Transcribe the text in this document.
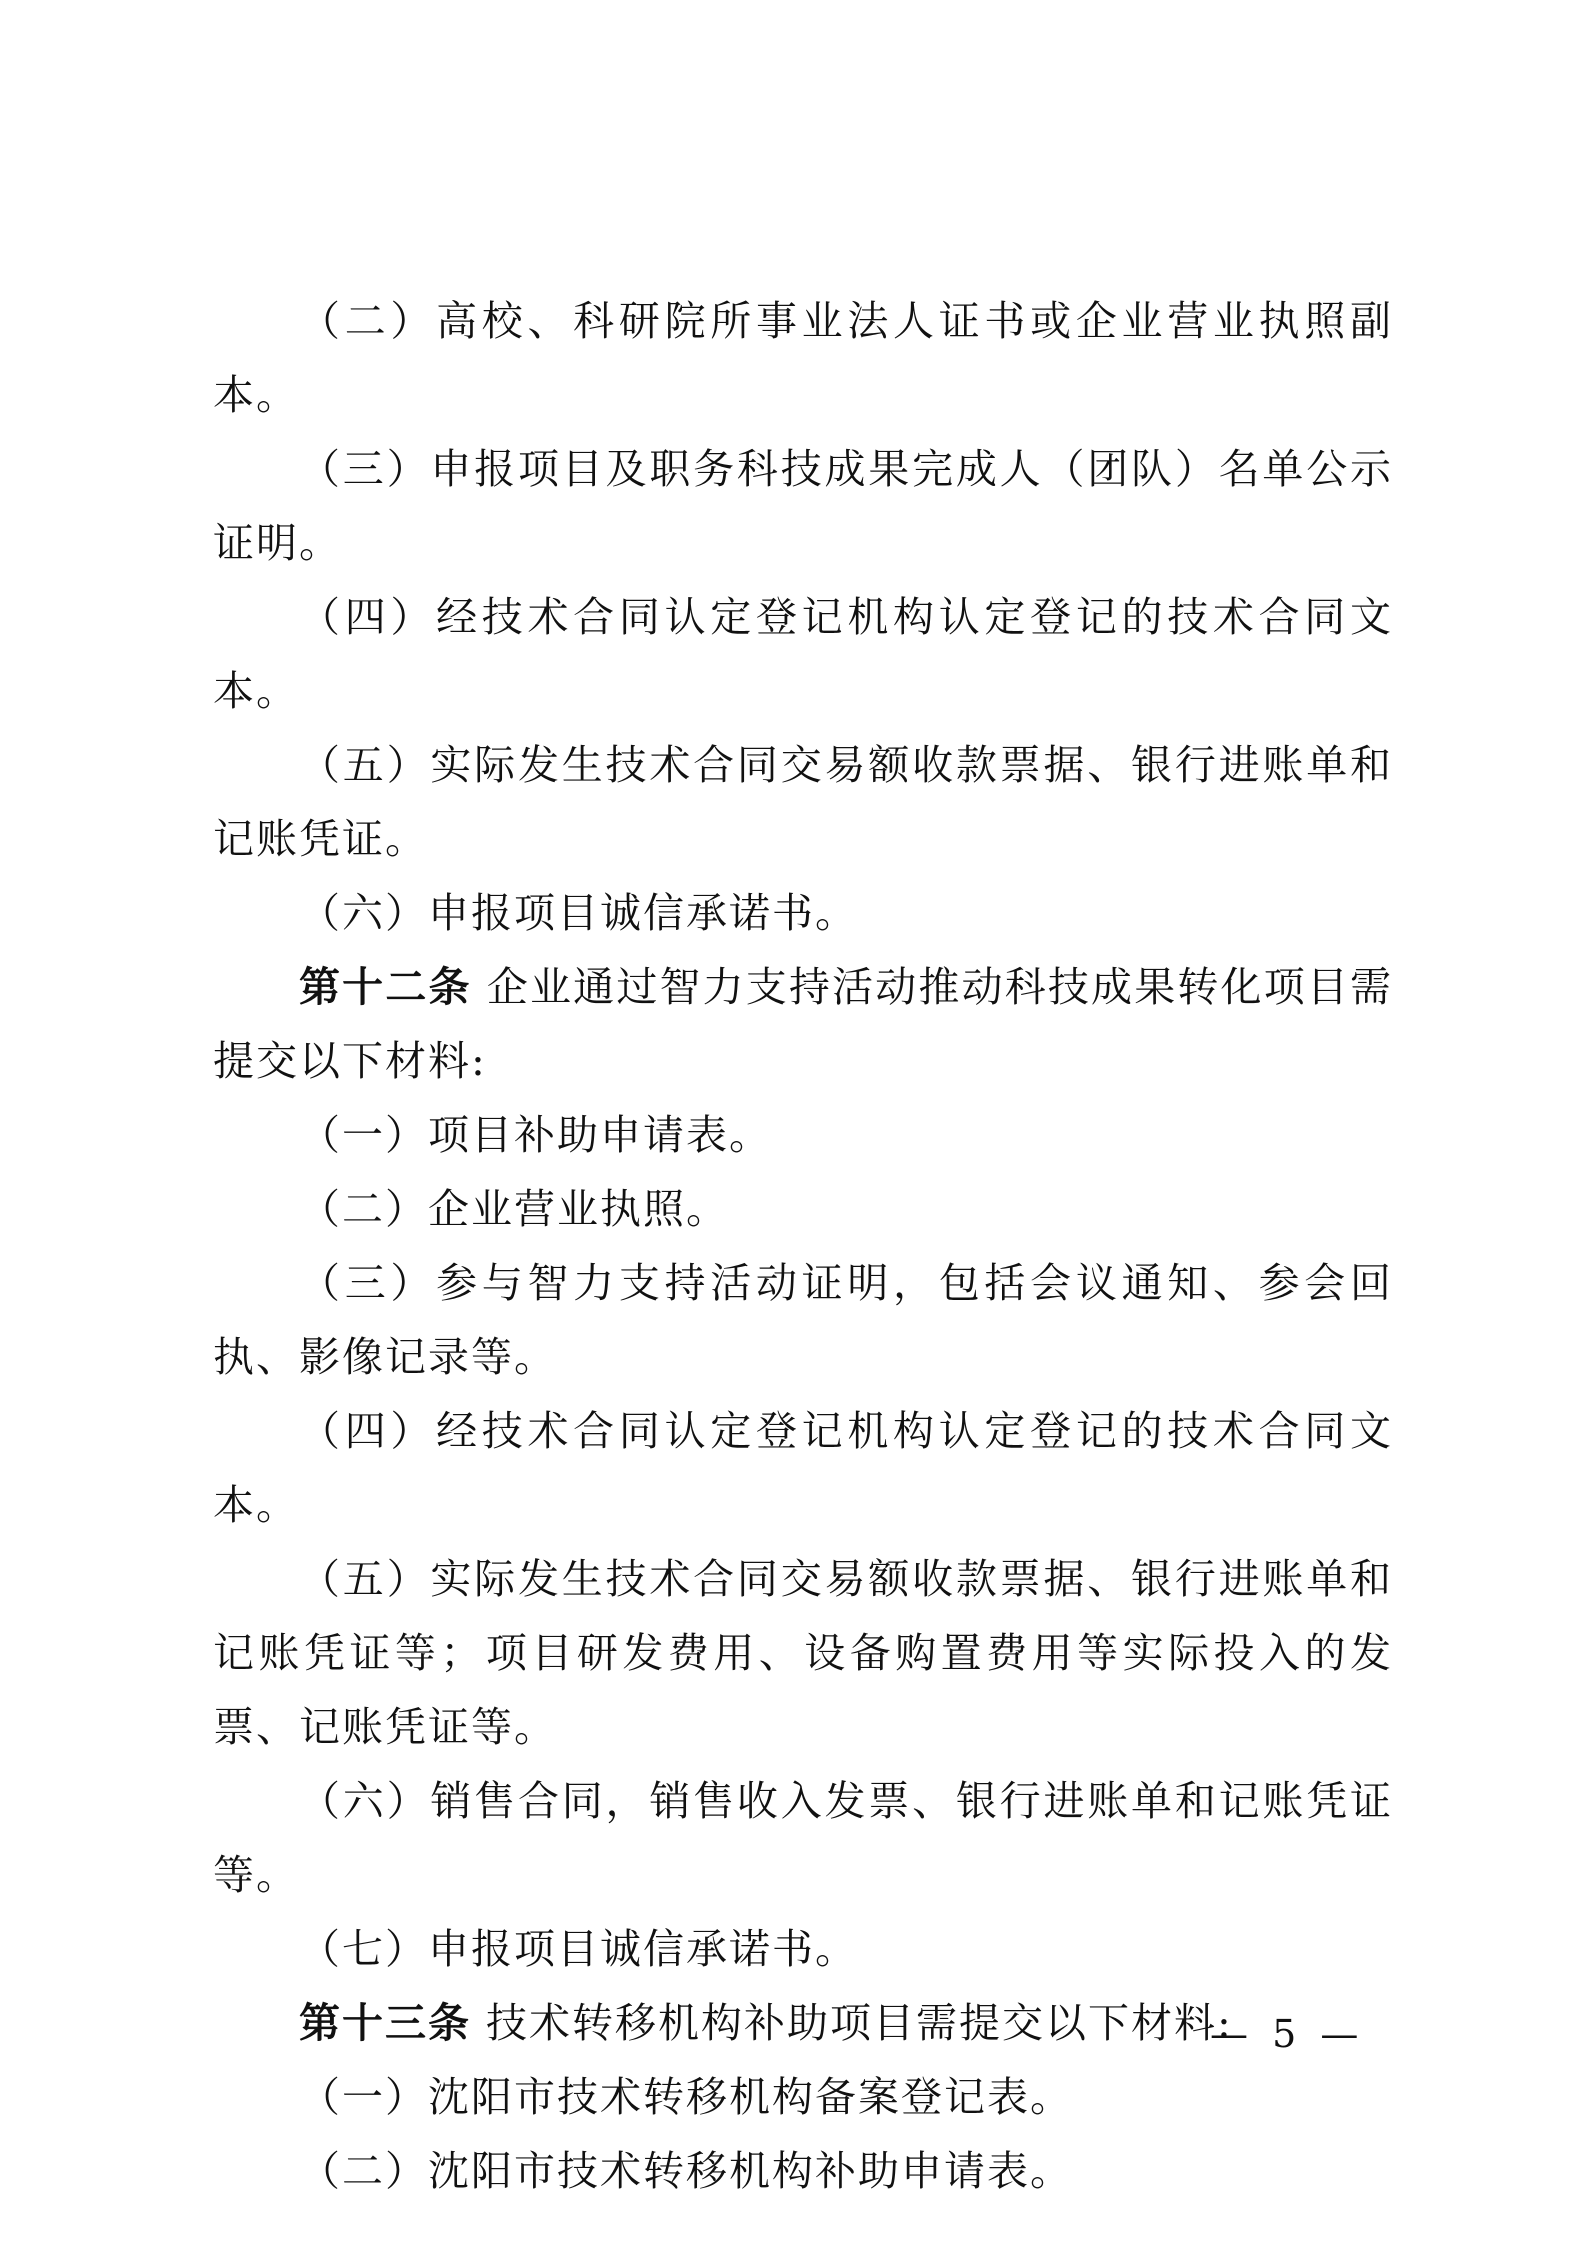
（二）高校、科研院所事业法人证书或企业营业执照副本。

（三）申报项目及职务科技成果完成人（团队）名单公示证明。

（四）经技术合同认定登记机构认定登记的技术合同文本。

（五）实际发生技术合同交易额收款票据、银行进账单和记账凭证。

（六）申报项目诚信承诺书。

第十二条 企业通过智力支持活动推动科技成果转化项目需提交以下材料:

（一）项目补助申请表。

（二）企业营业执照。

（三）参与智力支持活动证明，包括会议通知、参会回执、影像记录等。

（四）经技术合同认定登记机构认定登记的技术合同文本。

（五）实际发生技术合同交易额收款票据、银行进账单和记账凭证等；项目研发费用、设备购置费用等实际投入的发票、记账凭证等。

（六）销售合同，销售收入发票、银行进账单和记账凭证等。

（七）申报项目诚信承诺书。

第十三条 技术转移机构补助项目需提交以下材料:

（一）沈阳市技术转移机构备案登记表。

（二）沈阳市技术转移机构补助申请表。

— 5 —
